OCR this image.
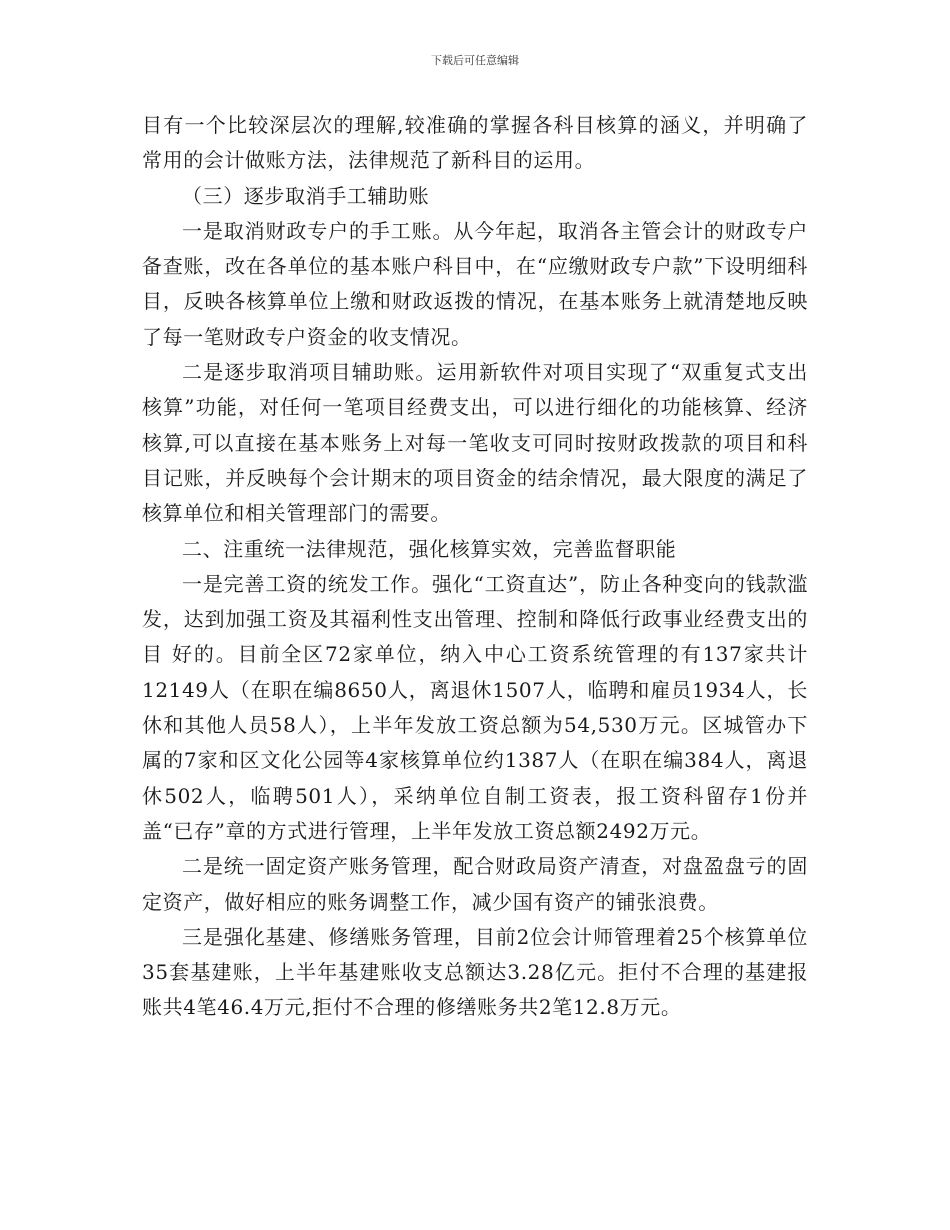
下载后可任意编辑

目有一个比较深层次的理解,较准确的掌握各科目核算的涵义，并明确了常用的会计做账方法，法律规范了新科目的运用。

（三）逐步取消手工辅助账

一是取消财政专户的手工账。从今年起，取消各主管会计的财政专户备查账，改在各单位的基本账户科目中，在“应缴财政专户款”下设明细科目，反映各核算单位上缴和财政返拨的情况，在基本账务上就清楚地反映了每一笔财政专户资金的收支情况。

二是逐步取消项目辅助账。运用新软件对项目实现了“双重复式支出核算”功能，对任何一笔项目经费支出，可以进行细化的功能核算、经济核算,可以直接在基本账务上对每一笔收支可同时按财政拨款的项目和科目记账，并反映每个会计期末的项目资金的结余情况，最大限度的满足了核算单位和相关管理部门的需要。

二、注重统一法律规范，强化核算实效，完善监督职能

一是完善工资的统发工作。强化“工资直达”，防止各种变向的钱款滥发，达到加强工资及其福利性支出管理、控制和降低行政事业经费支出的目 好的。目前全区72家单位，纳入中心工资系统管理的有137家共计12149人（在职在编8650人，离退休1507人，临聘和雇员1934人，长休和其他人员58人），上半年发放工资总额为54,530万元。区城管办下属的7家和区文化公园等4家核算单位约1387人（在职在编384人，离退休502人，临聘501人），采纳单位自制工资表，报工资科留存1份并盖“已存”章的方式进行管理，上半年发放工资总额2492万元。

二是统一固定资产账务管理，配合财政局资产清查，对盘盈盘亏的固定资产，做好相应的账务调整工作，减少国有资产的铺张浪费。

三是强化基建、修缮账务管理，目前2位会计师管理着25个核算单位35套基建账，上半年基建账收支总额达3.28亿元。拒付不合理的基建报账共4笔46.4万元,拒付不合理的修缮账务共2笔12.8万元。
